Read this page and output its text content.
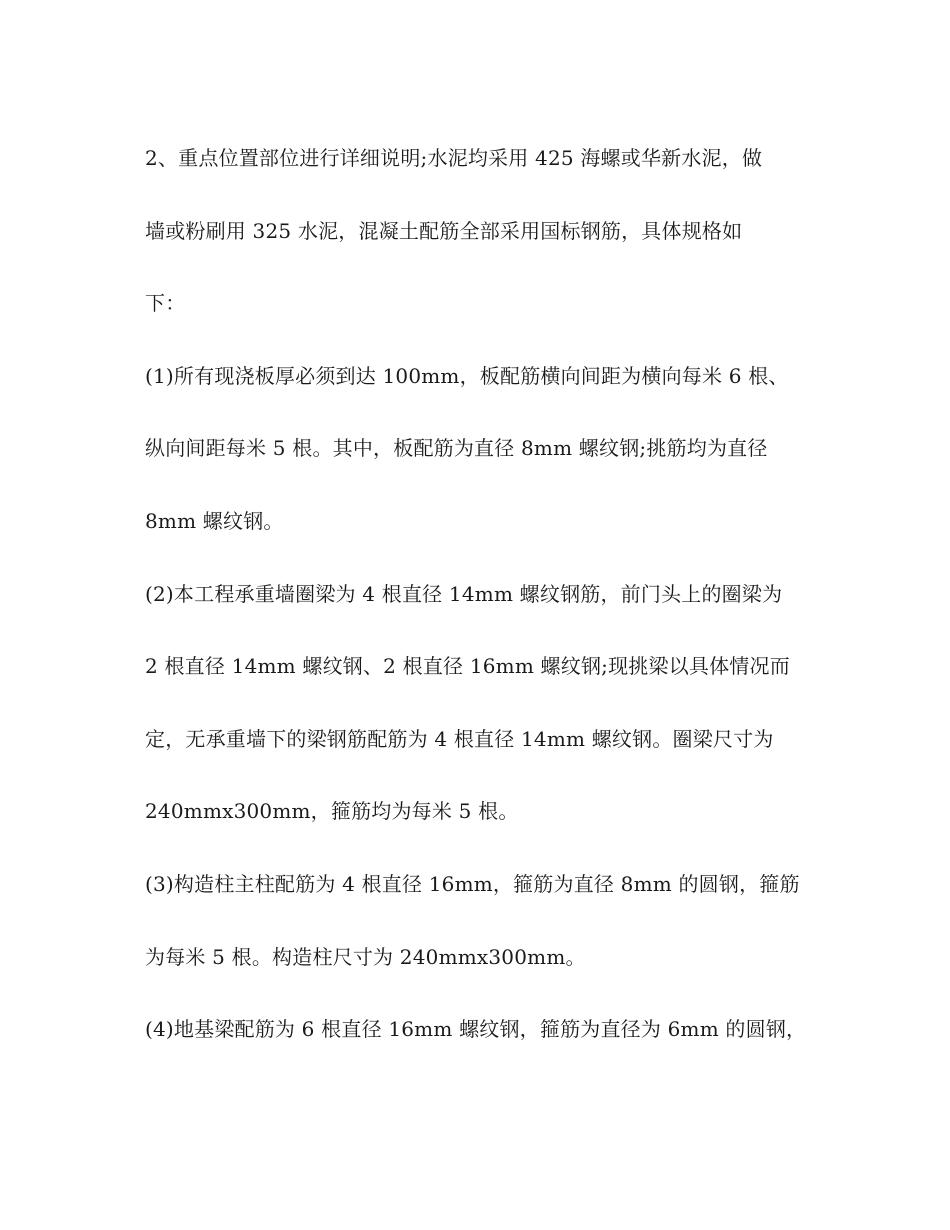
2、重点位置部位进行详细说明;水泥均采用 425 海螺或华新水泥，做
墙或粉刷用 325 水泥，混凝土配筋全部采用国标钢筋，具体规格如
下：
(1)所有现浇板厚必须到达 100mm，板配筋横向间距为横向每米 6 根、
纵向间距每米 5 根。其中，板配筋为直径 8mm 螺纹钢;挑筋均为直径
8mm 螺纹钢。
(2)本工程承重墙圈梁为 4 根直径 14mm 螺纹钢筋，前门头上的圈梁为
2 根直径 14mm 螺纹钢、2 根直径 16mm 螺纹钢;现挑梁以具体情况而
定，无承重墙下的梁钢筋配筋为 4 根直径 14mm 螺纹钢。圈梁尺寸为
240mmx300mm，箍筋均为每米 5 根。
(3)构造柱主柱配筋为 4 根直径 16mm，箍筋为直径 8mm 的圆钢，箍筋
为每米 5 根。构造柱尺寸为 240mmx300mm。
(4)地基梁配筋为 6 根直径 16mm 螺纹钢，箍筋为直径为 6mm 的圆钢，
